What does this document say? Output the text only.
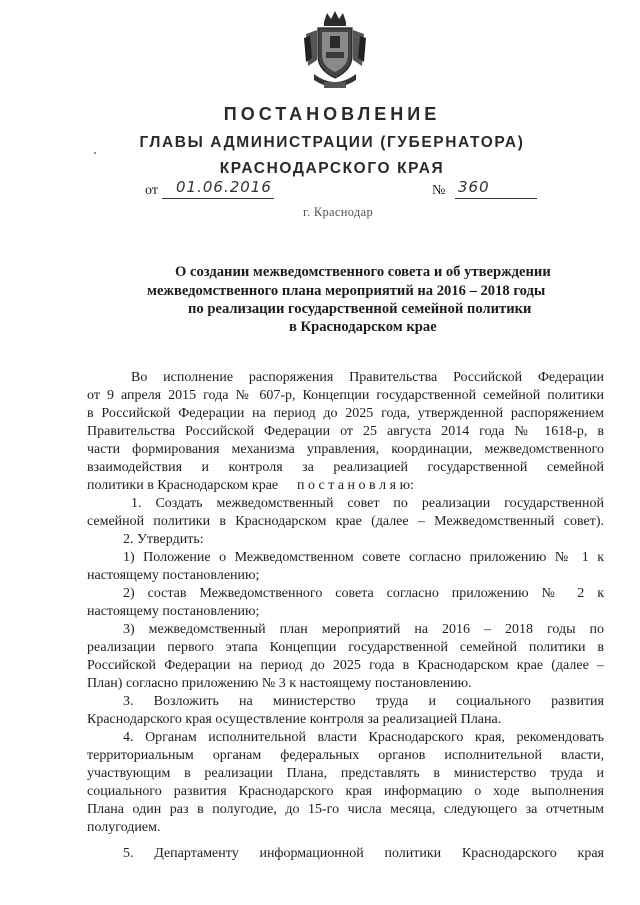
ПОСТАНОВЛЕНИЕ
ГЛАВЫ АДМИНИСТРАЦИИ (ГУБЕРНАТОРА)
КРАСНОДАРСКОГО КРАЯ
от 01.06.2016	№ 360
г. Краснодар
О создании межведомственного совета и об утверждении
межведомственного плана мероприятий на 2016 – 2018 годы
по реализации государственной семейной политики
в Краснодарском крае
Во исполнение распоряжения Правительства Российской Федерации
от 9 апреля 2015 года № 607-р, Концепции государственной семейной политики
в Российской Федерации на период до 2025 года, утвержденной распоряжением
Правительства Российской Федерации от 25 августа 2014 года № 1618-р, в
части формирования механизма управления, координации, межведомственного
взаимодействия и контроля за реализацией государственной семейной
политики в Краснодарском крае п о с т а н о в л я ю:
1. Создать межведомственный совет по реализации государственной
семейной политики в Краснодарском крае (далее – Межведомственный совет).
2. Утвердить:
1) Положение о Межведомственном совете согласно приложению № 1 к
настоящему постановлению;
2) состав Межведомственного совета согласно приложению № 2 к
настоящему постановлению;
3) межведомственный план мероприятий на 2016 – 2018 годы по
реализации первого этапа Концепции государственной семейной политики в
Российской Федерации на период до 2025 года в Краснодарском крае (далее –
План) согласно приложению № 3 к настоящему постановлению.
3. Возложить на министерство труда и социального развития
Краснодарского края осуществление контроля за реализацией Плана.
4. Органам исполнительной власти Краснодарского края, рекомендовать
территориальным органам федеральных органов исполнительной власти,
участвующим в реализации Плана, представлять в министерство труда и
социального развития Краснодарского края информацию о ходе выполнения
Плана один раз в полугодие, до 15-го числа месяца, следующего за отчетным
полугодием.
5. Департаменту информационной политики Краснодарского края
